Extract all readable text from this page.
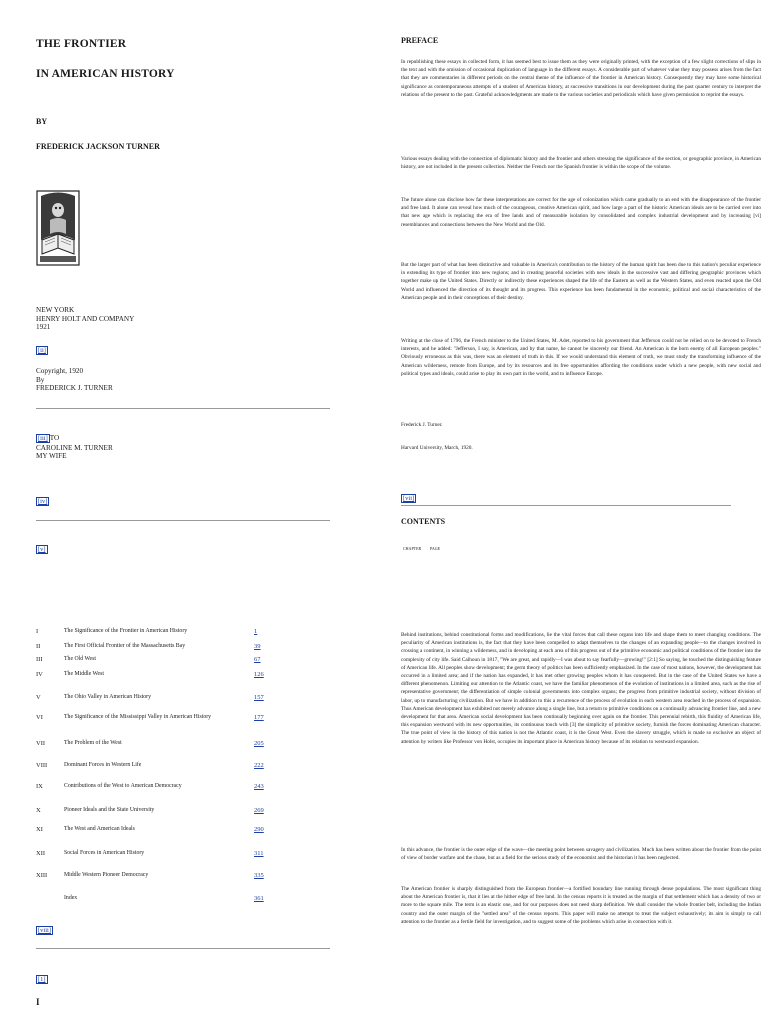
THE FRONTIER
IN AMERICAN HISTORY
BY
FREDERICK JACKSON TURNER
NEW YORK
HENRY HOLT AND COMPANY
1921
[ii]
Copyright, 1920
By
FREDERICK J. TURNER
[iii] TO
CAROLINE M. TURNER
MY WIFE
[iv]
[v]
I	The Significance of the Frontier in American History	1
II	The First Official Frontier of the Massachusetts Bay	39
III	The Old West	67
IV	The Middle West	126
V	The Ohio Valley in American History	157
VI	The Significance of the Mississippi Valley in American History	177
VII	The Problem of the West	205
VIII	Dominant Forces in Western Life	222
IX	Contributions of the West to American Democracy	243
X	Pioneer Ideals and the State University	269
XI	The West and American Ideals	290
XII	Social Forces in American History	311
XIII	Middle Western Pioneer Democracy	335
Index	361
[viii]
[1]
I
PREFACE

In republishing these essays in collected form, it has seemed best to issue them as they were originally printed, with the exception of a few slight corrections of slips in the text and with the omission of occasional duplication of language in the different essays. A considerable part of whatever value they may possess arises from the fact that they are commentaries in different periods on the central theme of the influence of the frontier in American history. Consequently they may have some historical significance as contemporaneous attempts of a student of American history, at successive transitions in our development during the past quarter century to interpret the relations of the present to the past. Grateful acknowledgments are made to the various societies and periodicals which have given permission to reprint the essays.

Various essays dealing with the connection of diplomatic history and the frontier and others stressing the significance of the section, or geographic province, in American history, are not included in the present collection. Neither the French nor the Spanish frontier is within the scope of the volume.

The future alone can disclose how far these interpretations are correct for the age of colonization which came gradually to an end with the disappearance of the frontier and free land. It alone can reveal how much of the courageous, creative American spirit, and how large a part of the historic American ideals are to be carried over into that new age which is replacing the era of free lands and of measurable isolation by consolidated and complex industrial development and by increasing [vi] resemblances and connections between the New World and the Old.

But the larger part of what has been distinctive and valuable in America's contribution to the history of the human spirit has been due to this nation's peculiar experience in extending its type of frontier into new regions; and in creating peaceful societies with new ideals in the successive vast and differing geographic provinces which together make up the United States. Directly or indirectly these experiences shaped the life of the Eastern as well as the Western States, and even reacted upon the Old World and influenced the direction of its thought and its progress. This experience has been fundamental in the economic, political and social characteristics of the American people and in their conceptions of their destiny.

Writing at the close of 1796, the French minister to the United States, M. Adet, reported to his government that Jefferson could not be relied on to be devoted to French interests, and he added: "Jefferson, I say, is American, and by that name, he cannot be sincerely our friend. An American is the born enemy of all European peoples." Obviously erroneous as this was, there was an element of truth in this. If we would understand this element of truth, we must study the transforming influence of the American wilderness, remote from Europe, and by its resources and its free opportunities affording the conditions under which a new people, with new social and political types and ideals, could arise to play its own part in the world, and to influence Europe.

Frederick J. Turner.
Harvard University, March, 1920.
[vii]
CONTENTS
CHAPTER PAGE

Behind institutions, behind constitutional forms and modifications, lie the vital forces that call these organs into life and shape them to meet changing conditions. The peculiarity of American institutions is, the fact that they have been compelled to adapt themselves to the changes of an expanding people—to the changes involved in crossing a continent, in winning a wilderness, and in developing at each area of this progress out of the primitive economic and political conditions of the frontier into the complexity of city life. Said Calhoun in 1817, "We are great, and rapidly—I was about to say fearfully—growing!" [2:1] So saying, he touched the distinguishing feature of American life. All peoples show development; the germ theory of politics has been sufficiently emphasized. In the case of most nations, however, the development has occurred in a limited area; and if the nation has expanded, it has met other growing peoples whom it has conquered. But in the case of the United States we have a different phenomenon. Limiting our attention to the Atlantic coast, we have the familiar phenomenon of the evolution of institutions in a limited area, such as the rise of representative government; the differentiation of simple colonial governments into complex organs; the progress from primitive industrial society, without division of labor, up to manufacturing civilization. But we have in addition to this a recurrence of the process of evolution in each western area reached in the process of expansion. Thus American development has exhibited not merely advance along a single line, but a return to primitive conditions on a continually advancing frontier line, and a new development for that area. American social development has been continually beginning over again on the frontier. This perennial rebirth, this fluidity of American life, this expansion westward with its new opportunities, its continuous touch with [3] the simplicity of primitive society, furnish the forces dominating American character. The true point of view in the history of this nation is not the Atlantic coast, it is the Great West. Even the slavery struggle, which is made so exclusive an object of attention by writers like Professor von Holst, occupies its important place in American history because of its relation to westward expansion.

In this advance, the frontier is the outer edge of the wave—the meeting point between savagery and civilization. Much has been written about the frontier from the point of view of border warfare and the chase, but as a field for the serious study of the economist and the historian it has been neglected.

The American frontier is sharply distinguished from the European frontier—a fortified boundary line running through dense populations. The most significant thing about the American frontier is, that it lies at the hither edge of free land. In the census reports it is treated as the margin of that settlement which has a density of two or more to the square mile. The term is an elastic one, and for our purposes does not need sharp definition. We shall consider the whole frontier belt, including the Indian country and the outer margin of the "settled area" of the census reports. This paper will make no attempt to treat the subject exhaustively; its aim is simply to call attention to the frontier as a fertile field for investigation, and to suggest some of the problems which arise in connection with it.
